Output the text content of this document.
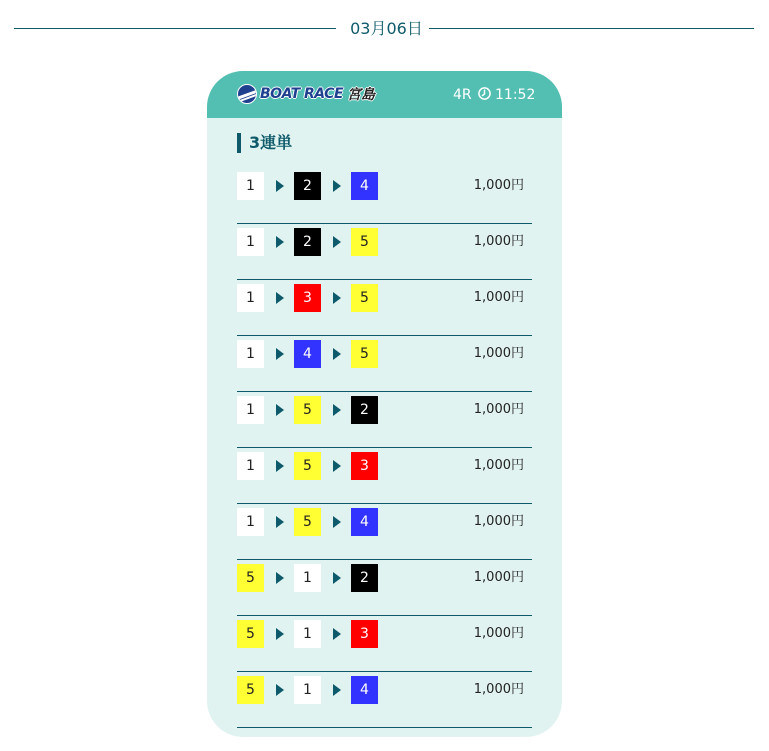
03月06日
BOAT RACE 宮島	4R 11:52
3連単
1	2	4	1,000円
1	2	5	1,000円
1	3	5	1,000円
1	4	5	1,000円
1	5	2	1,000円
1	5	3	1,000円
1	5	4	1,000円
5	1	2	1,000円
5	1	3	1,000円
5	1	4	1,000円
